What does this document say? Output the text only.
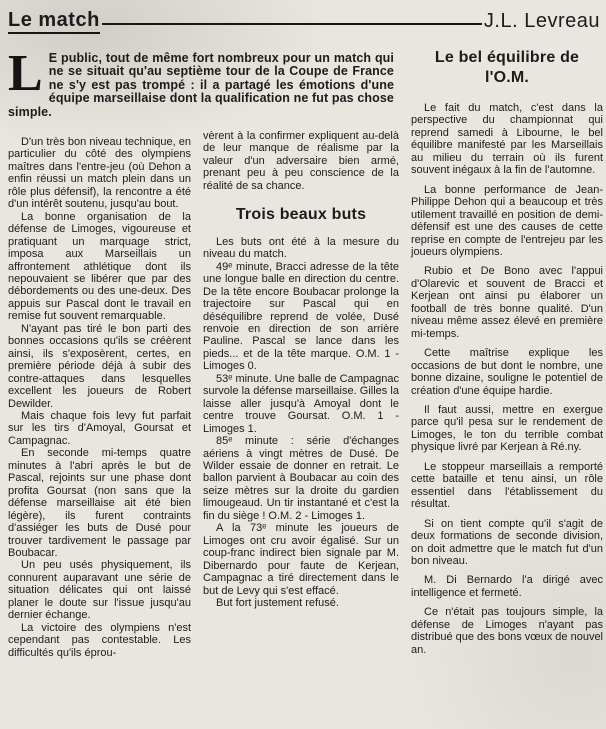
Le match	J.L. Levreau
L E public, tout de même fort nombreux pour un match qui ne se situait qu'au septième tour de la Coupe de France ne s'y est pas trompé : il a partagé les émotions d'une équipe marseillaise dont la qualification ne fut pas chose simple.

D'un très bon niveau technique, en particulier du côté des olympiens maîtres dans l'entre-jeu (où Dehon a enfin réussi un match plein dans un rôle plus défensif), la rencontre a été d'un intérêt soutenu, jusqu'au bout.

La bonne organisation de la défense de Limoges, vigoureuse et pratiquant un marquage strict, imposa aux Marseillais un affrontement athlétique dont ils nepouvaient se libérer que par des débordements ou des une-deux. Des appuis sur Pascal dont le travail en remise fut souvent remarquable.

N'ayant pas tiré le bon parti des bonnes occasions qu'ils se créèrent ainsi, ils s'exposèrent, certes, en première période déjà à subir des contre-attaques dans lesquelles excellent les joueurs de Robert Dewilder.

Mais chaque fois levy fut parfait sur les tirs d'Amoyal, Goursat et Campagnac.

En seconde mi-temps quatre minutes à l'abri après le but de Pascal, rejoints sur une phase dont profita Goursat (non sans que la défense marseillaise ait été bien légère), ils furent contraints d'assiéger les buts de Dusé pour trouver tardivement le passage par Boubacar.

Un peu usés physiquement, ils connurent auparavant une série de situation délicates qui ont laissé planer le doute sur l'issue jusqu'au dernier échange.

La victoire des olympiens n'est cependant pas contestable. Les difficultés qu'ils éprou-

vèrent à la confirmer expliquent au-delà de leur manque de réalisme par la valeur d'un adversaire bien armé, prenant peu à peu conscience de la réalité de sa chance.

Trois beaux buts

Les buts ont été à la mesure du niveau du match.

49ᵉ minute, Bracci adresse de la tête une longue balle en direction du centre. De la tête encore Boubacar prolonge la trajectoire sur Pascal qui en déséquilibre reprend de volée, Dusé renvoie en direction de son arrière Pauline. Pascal se lance dans les pieds... et de la tête marque. O.M. 1 - Limoges 0.

53ᵉ minute. Une balle de Campagnac survole la défense marseillaise. Gilles la laisse aller jusqu'à Amoyal dont le centre trouve Goursat. O.M. 1 - Limoges 1.

85ᵉ minute : série d'échanges aériens à vingt mètres de Dusé. De Wilder essaie de donner en retrait. Le ballon parvient à Boubacar au coin des seize mètres sur la droite du gardien limougeaud. Un tir instantané et c'est la fin du siège ! O.M. 2 - Limoges 1.

A la 73ᵉ minute les joueurs de Limoges ont cru avoir égalisé. Sur un coup-franc indirect bien signale par M. Dibernardo pour faute de Kerjean, Campagnac a tiré directement dans le but de Levy qui s'est effacé.

But fort justement refusé.

Le bel équilibre de l'O.M.

Le fait du match, c'est dans la perspective du championnat qui reprend samedi à Libourne, le bel équilibre manifesté par les Marseillais au milieu du terrain où ils furent souvent inégaux à la fin de l'automne.

La bonne performance de Jean-Philippe Dehon qui a beaucoup et très utilement travaillé en position de demi-défensif est une des causes de cette reprise en compte de l'entrejeu par les joueurs olympiens.

Rubio et De Bono avec l'appui d'Olarevic et souvent de Bracci et Kerjean ont ainsi pu élaborer un football de très bonne qualité. D'un niveau même assez élevé en première mi-temps.

Cette maîtrise explique les occasions de but dont le nombre, une bonne dizaine, souligne le potentiel de création d'une équipe hardie.

Il faut aussi, mettre en exergue parce qu'il pesa sur le rendement de Limoges, le ton du terrible combat physique livré par Kerjean à Ré.ny.

Le stoppeur marseillais a remporté cette bataille et tenu ainsi, un rôle essentiel dans l'établissement du résultat.

Si on tient compte qu'il s'agit de deux formations de seconde division, on doit admettre que le match fut d'un bon niveau.

M. Di Bernardo l'a dirigé avec intelligence et fermeté.

Ce n'était pas toujours simple, la défense de Limoges n'ayant pas distribué que des bons vœux de nouvel an.
